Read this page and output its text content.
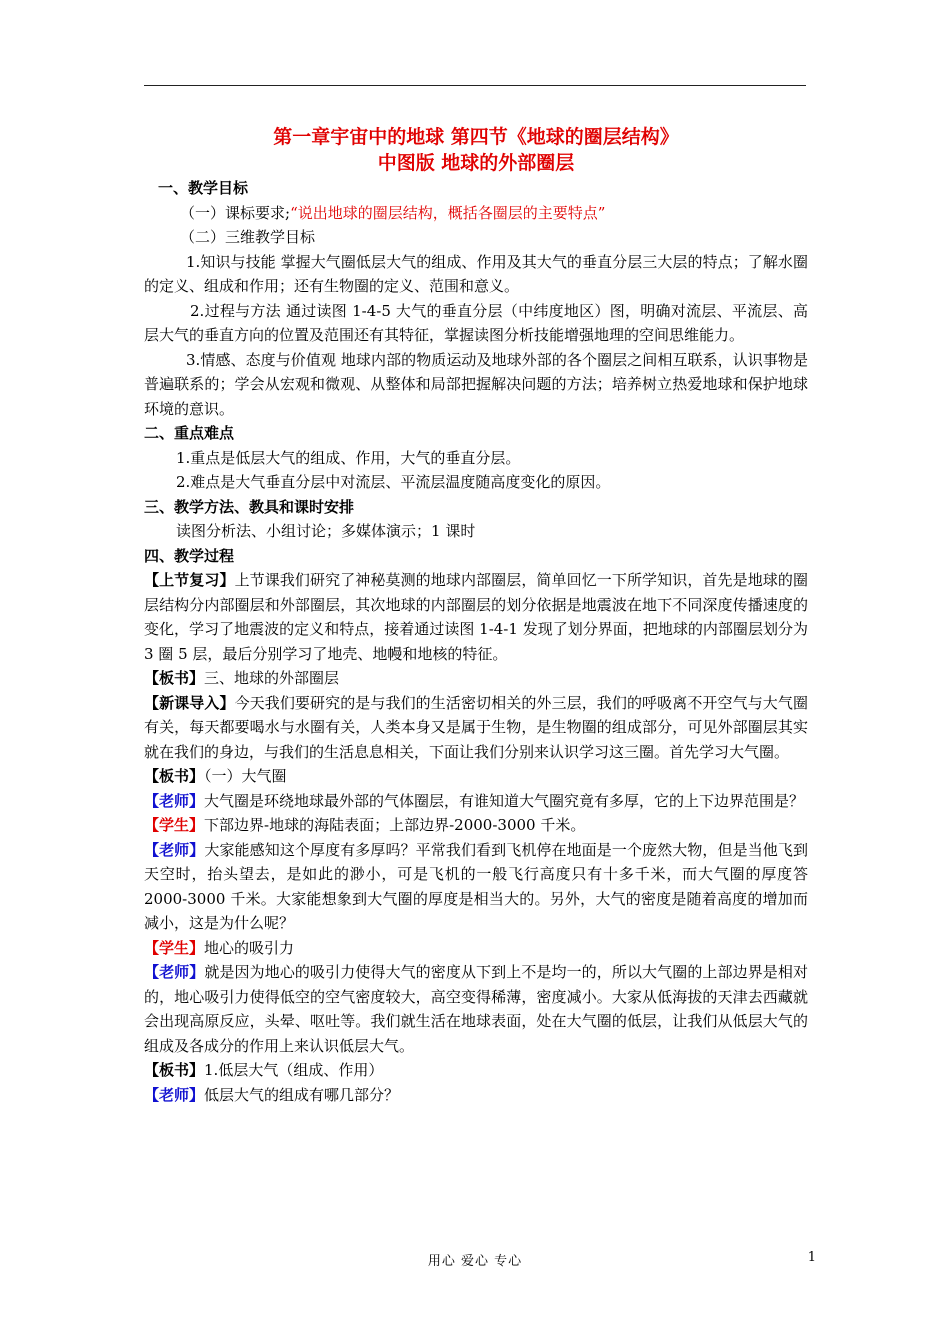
第一章宇宙中的地球 第四节《地球的圈层结构》
中图版 地球的外部圈层

一、教学目标

（一）课标要求;“说出地球的圈层结构，概括各圈层的主要特点”

（二）三维教学目标

1.知识与技能 掌握大气圈低层大气的组成、作用及其大气的垂直分层三大层的特点；了解水圈的定义、组成和作用；还有生物圈的定义、范围和意义。

2.过程与方法 通过读图 1-4-5 大气的垂直分层（中纬度地区）图，明确对流层、平流层、高层大气的垂直方向的位置及范围还有其特征，掌握读图分析技能增强地理的空间思维能力。

3.情感、态度与价值观 地球内部的物质运动及地球外部的各个圈层之间相互联系，认识事物是普遍联系的；学会从宏观和微观、从整体和局部把握解决问题的方法；培养树立热爱地球和保护地球环境的意识。

二、重点难点

1.重点是低层大气的组成、作用，大气的垂直分层。

2.难点是大气垂直分层中对流层、平流层温度随高度变化的原因。

三、教学方法、教具和课时安排

读图分析法、小组讨论；多媒体演示；1 课时

四、教学过程

【上节复习】上节课我们研究了神秘莫测的地球内部圈层，简单回忆一下所学知识，首先是地球的圈层结构分内部圈层和外部圈层，其次地球的内部圈层的划分依据是地震波在地下不同深度传播速度的变化，学习了地震波的定义和特点，接着通过读图 1-4-1 发现了划分界面，把地球的内部圈层划分为 3 圈 5 层，最后分别学习了地壳、地幔和地核的特征。

【板书】三、地球的外部圈层

【新课导入】今天我们要研究的是与我们的生活密切相关的外三层，我们的呼吸离不开空气与大气圈有关，每天都要喝水与水圈有关，人类本身又是属于生物，是生物圈的组成部分，可见外部圈层其实就在我们的身边，与我们的生活息息相关，下面让我们分别来认识学习这三圈。首先学习大气圈。

【板书】（一）大气圈

【老师】大气圈是环绕地球最外部的气体圈层，有谁知道大气圈究竟有多厚，它的上下边界范围是？

【学生】下部边界-地球的海陆表面；上部边界-2000-3000 千米。

【老师】大家能感知这个厚度有多厚吗？平常我们看到飞机停在地面是一个庞然大物，但是当他飞到天空时，抬头望去，是如此的渺小，可是飞机的一般飞行高度只有十多千米，而大气圈的厚度答 2000-3000 千米。大家能想象到大气圈的厚度是相当大的。另外，大气的密度是随着高度的增加而减小，这是为什么呢？

【学生】地心的吸引力

【老师】就是因为地心的吸引力使得大气的密度从下到上不是均一的，所以大气圈的上部边界是相对的，地心吸引力使得低空的空气密度较大，高空变得稀薄，密度减小。大家从低海拔的天津去西藏就会出现高原反应，头晕、呕吐等。我们就生活在地球表面，处在大气圈的低层，让我们从低层大气的组成及各成分的作用上来认识低层大气。

【板书】1.低层大气（组成、作用）

【老师】低层大气的组成有哪几部分？

用心 爱心 专心	1
